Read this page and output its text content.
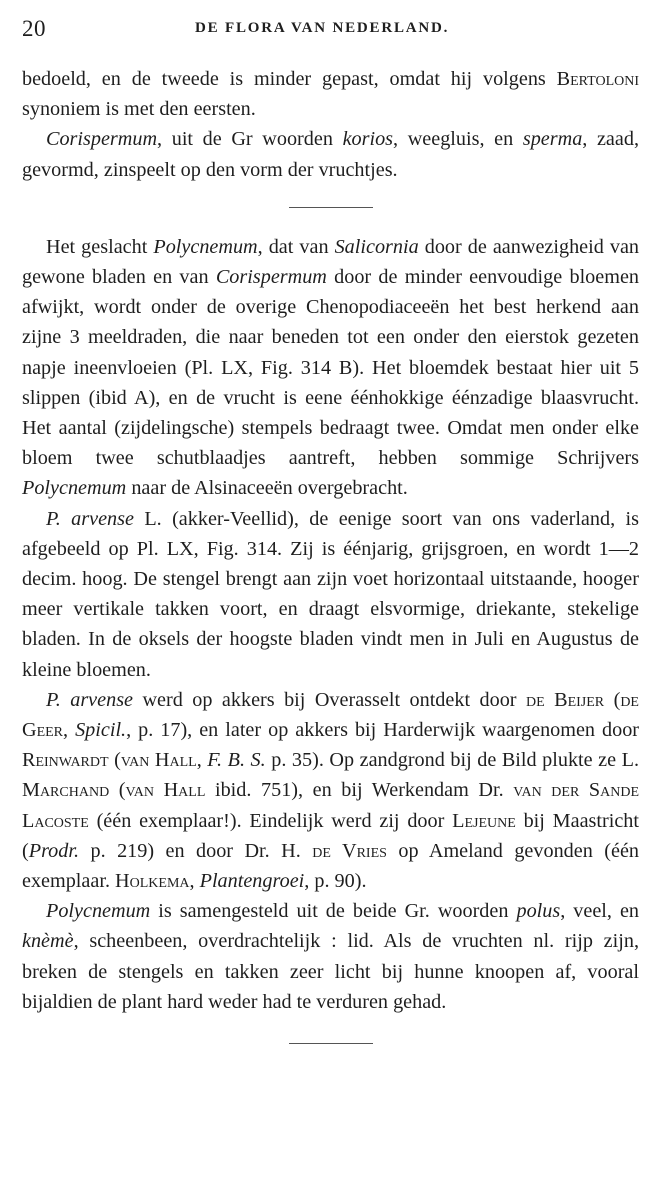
20	DE FLORA VAN NEDERLAND.

bedoeld, en de tweede is minder gepast, omdat hij volgens Bertoloni synoniem is met den eersten.

Corispermum, uit de Gr woorden korios, weegluis, en sperma, zaad, gevormd, zinspeelt op den vorm der vruchtjes.

Het geslacht Polycnemum, dat van Salicornia door de aanwezigheid van gewone bladen en van Corispermum door de minder eenvoudige bloemen afwijkt, wordt onder de overige Chenopodiaceeën het best herkend aan zijne 3 meeldraden, die naar beneden tot een onder den eierstok gezeten napje ineenvloeien (Pl. LX, Fig. 314 B). Het bloemdek bestaat hier uit 5 slippen (ibid A), en de vrucht is eene éénhokkige éénzadige blaasvrucht. Het aantal (zijdelingsche) stempels bedraagt twee. Omdat men onder elke bloem twee schutblaadjes aantreft, hebben sommige Schrijvers Polycnemum naar de Alsinaceeën overgebracht.

P. arvense L. (akker-Veellid), de eenige soort van ons vaderland, is afgebeeld op Pl. LX, Fig. 314. Zij is éénjarig, grijsgroen, en wordt 1—2 decim. hoog. De stengel brengt aan zijn voet horizontaal uitstaande, hooger meer vertikale takken voort, en draagt elsvormige, driekante, stekelige bladen. In de oksels der hoogste bladen vindt men in Juli en Augustus de kleine bloemen.

P. arvense werd op akkers bij Overasselt ontdekt door de Beijer (de Geer, Spicil., p. 17), en later op akkers bij Harderwijk waargenomen door Reinwardt (van Hall, F. B. S. p. 35). Op zandgrond bij de Bild plukte ze L. Marchand (van Hall ibid. 751), en bij Werkendam Dr. van der Sande Lacoste (één exemplaar!). Eindelijk werd zij door Lejeune bij Maastricht (Prodr. p. 219) en door Dr. H. de Vries op Ameland gevonden (één exemplaar. Holkema, Plantengroei, p. 90).

Polycnemum is samengesteld uit de beide Gr. woorden polus, veel, en knèmè, scheenbeen, overdrachtelijk : lid. Als de vruchten nl. rijp zijn, breken de stengels en takken zeer licht bij hunne knoopen af, vooral bijaldien de plant hard weder had te verduren gehad.
